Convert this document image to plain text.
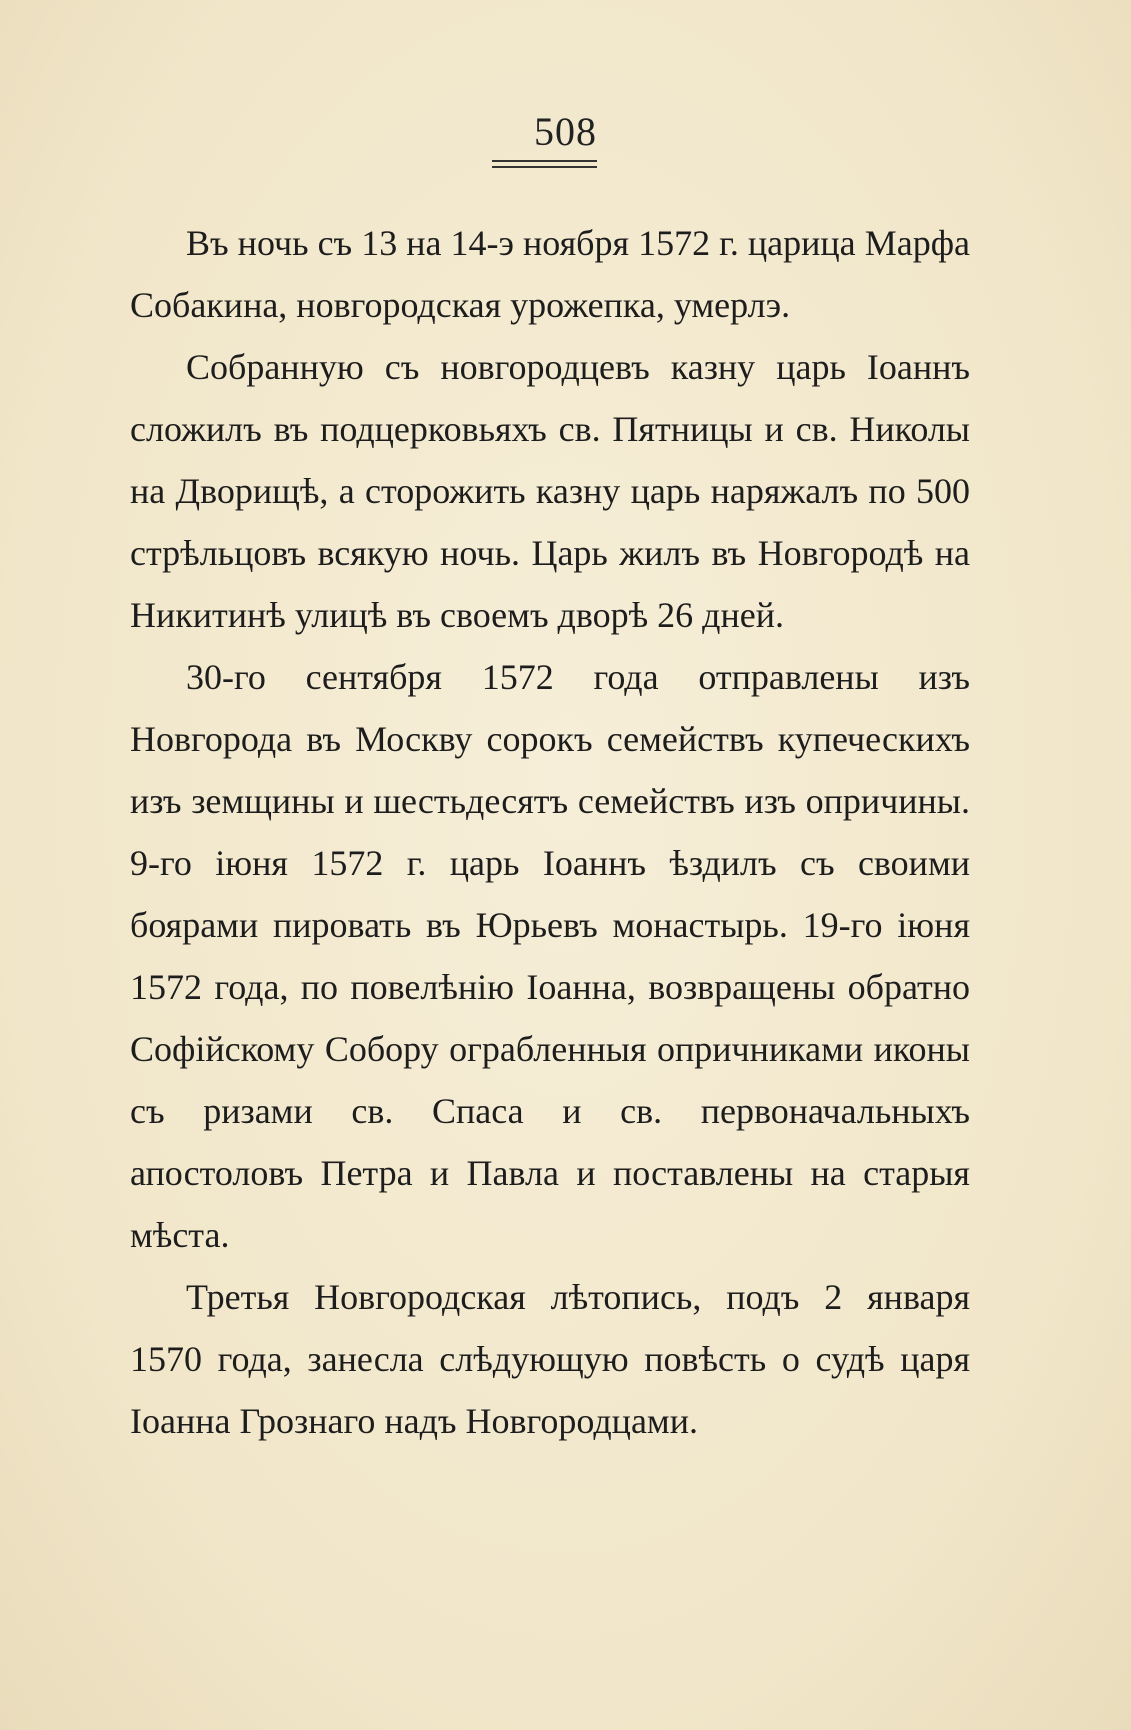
508

Въ ночь съ 13 на 14-э ноября 1572 г. царица Марфа Собакина, новгородская урожепка, умерлэ.

Собранную съ новгородцевъ казну царь Іоаннъ сложилъ въ подцерковьяхъ св. Пятницы и св. Николы на Дворищѣ, а сторожить казну царь наряжалъ по 500 стрѣльцовъ всякую ночь. Царь жилъ въ Новгородѣ на Никитинѣ улицѣ въ своемъ дворѣ 26 дней.

30-го сентября 1572 года отправлены изъ Новгорода въ Москву сорокъ семействъ купеческихъ изъ земщины и шестьдесятъ семействъ изъ опричины. 9-го іюня 1572 г. царь Іоаннъ ѣздилъ съ своими боярами пировать въ Юрьевъ монастырь. 19-го іюня 1572 года, по повелѣнію Іоанна, возвращены обратно Софійскому Собору ограбленныя опричниками иконы съ ризами св. Спаса и св. первоначальныхъ апостоловъ Петра и Павла и поставлены на старыя мѣста.

Третья Новгородская лѣтопись, подъ 2 января 1570 года, занесла слѣдующую повѣсть о судѣ царя Іоанна Грознаго надъ Новгородцами.
